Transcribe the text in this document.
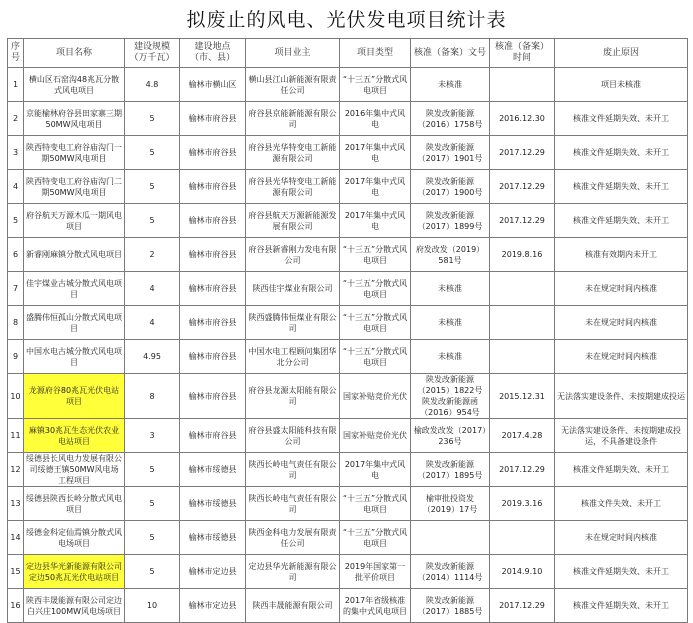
拟废止的风电、光伏发电项目统计表
序号	项目名称	建设规模（万千瓦）	建设地点（市、县）	项目业主	项目类型	核准（备案）文号	核准（备案）时间	废止原因
1	横山区石窑沟48兆瓦分散式风电项目	4.8	榆林市横山区	横山县江山新能源有限责任公司	“十三五”分散式风电项目	未核准		项目未核准
2	京能榆林府谷县田家寨三期50MW风电项目	5	榆林市府谷县	府谷县京能新能源有限公司	2016年集中式风电	陕发改新能源（2016）1758号	2016.12.30	核准文件延期失效、未开工
3	陕西特变电工府谷庙沟门一期50MW风电项目	5	榆林市府谷县	府谷县光华特变电工新能源有限公司	2017年集中式风电	陕发改新能源（2017）1901号	2017.12.29	核准文件延期失效、未开工
4	陕西特变电工府谷庙沟门二期50MW风电项目	5	榆林市府谷县	府谷县光华特变电工新能源有限公司	2017年集中式风电	陕发改新能源（2017）1900号	2017.12.29	核准文件延期失效、未开工
5	府谷航天万源木瓜一期风电项目	5	榆林市府谷县	府谷县航天万源新能源发展有限公司	2017年集中式风电	陕发改新能源（2017）1899号	2017.12.29	核准文件延期失效、未开工
6	新睿刚麻镇分散式风电项目	2	榆林市府谷县	府谷县新睿刚力发电有限公司	“十三五”分散式风电项目	府发改发（2019）581号	2019.8.16	核准有效期内未开工
7	佳宇煤业古城分散式风电项目	4	榆林市府谷县	陕西佳宇煤业有限公司	“十三五”分散式风电项目	未核准		未在规定时间内核准
8	盛腾伟恒孤山分散式风电项目	4	榆林市府谷县	陕西盛腾伟恒煤业有限公司	“十三五”分散式风电项目	未核准		未在规定时间内核准
9	中国水电古城分散式风电项目	4.95	榆林市府谷县	中国水电工程顾问集团华北分公司	“十三五”分散式风电项目	未核准		未在规定时间内核准
10	龙源府谷80兆瓦光伏电站项目	8	榆林市府谷县	府谷县龙源太阳能有限公司	国家补贴竞价光伏	陕发改新能源（2015）1822号 陕发改新能源函（2016）954号	2015.12.31	无法落实建设条件、未按期建成投运
11	麻镇30兆瓦生态光伏农业电站项目	3	榆林市府谷县	府谷县盛太阳能科技有限公司	国家补贴竞价光伏	榆政发改发（2017）236号	2017.4.28	无法落实建设条件、未按期建成投运，不具备建设条件
12	绥德县长风电力发展有限公司绥德王镇50MW风电场工程项目	5	榆林市绥德县	陕西长岭电气责任有限公司	2017年集中式风电	陕发改新能源（2017）1895号	2017.12.29	核准文件延期失效、未开工
13	绥德县陕西长岭分散式风电项目	5	榆林市绥德县	陕西长岭电气责任有限公司	“十三五”分散式风电项目	榆审批投资发（2019）17号	2019.3.16	核准文件失效、未开工
14	绥德金科定仙焉镇分散式风电场项目	5	榆林市绥德县	陕西金科电力发展有限责任公司	“十三五”分散式风电项目			未在规定时间内核准
15	定边县华光新能源有限公司定边50兆瓦光伏电站项目	5	榆林市定边县	定边县华光新能源有限公司	2019年国家第一批平价项目	陕发改新能源（2014）1114号	2014.9.10	核准文件延期失效、未开工
16	陕西丰晟能源有限公司定边白兴庄100MW风电场项目	10	榆林市定边县	陕西丰晟能源有限公司	2017年省级核准的集中式风电项目	陕发改新能源（2017）1885号	2017.12.29	核准文件延期失效、未开工
